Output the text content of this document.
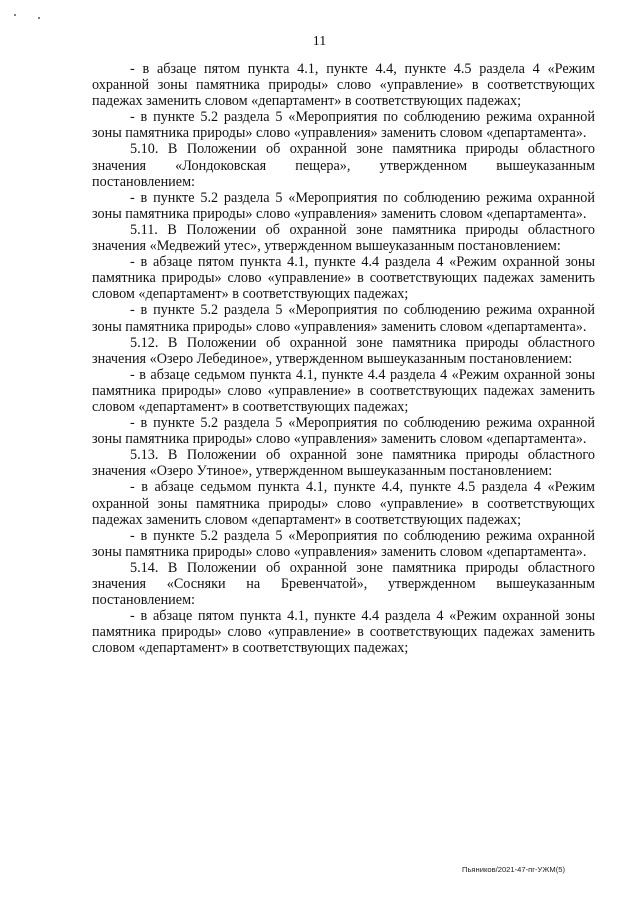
11

- в абзаце пятом пункта 4.1, пункте 4.4, пункте 4.5 раздела 4 «Режим охранной зоны памятника природы» слово «управление» в соответствующих падежах заменить словом «департамент» в соответствующих падежах;

- в пункте 5.2 раздела 5 «Мероприятия по соблюдению режима охранной зоны памятника природы» слово «управления» заменить словом «департамента».

5.10. В Положении об охранной зоне памятника природы областного значения «Лондоковская пещера», утвержденном вышеуказанным постановлением:

- в пункте 5.2 раздела 5 «Мероприятия по соблюдению режима охранной зоны памятника природы» слово «управления» заменить словом «департамента».

5.11. В Положении об охранной зоне памятника природы областного значения «Медвежий утес», утвержденном вышеуказанным постановлением:

- в абзаце пятом пункта 4.1, пункте 4.4 раздела 4 «Режим охранной зоны памятника природы» слово «управление» в соответствующих падежах заменить словом «департамент» в соответствующих падежах;

- в пункте 5.2 раздела 5 «Мероприятия по соблюдению режима охранной зоны памятника природы» слово «управления» заменить словом «департамента».

5.12. В Положении об охранной зоне памятника природы областного значения «Озеро Лебединое», утвержденном вышеуказанным постановлением:

- в абзаце седьмом пункта 4.1, пункте 4.4 раздела 4 «Режим охранной зоны памятника природы» слово «управление» в соответствующих падежах заменить словом «департамент» в соответствующих падежах;

- в пункте 5.2 раздела 5 «Мероприятия по соблюдению режима охранной зоны памятника природы» слово «управления» заменить словом «департамента».

5.13. В Положении об охранной зоне памятника природы областного значения «Озеро Утиное», утвержденном вышеуказанным постановлением:

- в абзаце седьмом пункта 4.1, пункте 4.4, пункте 4.5 раздела 4 «Режим охранной зоны памятника природы» слово «управление» в соответствующих падежах заменить словом «департамент» в соответствующих падежах;

- в пункте 5.2 раздела 5 «Мероприятия по соблюдению режима охранной зоны памятника природы» слово «управления» заменить словом «департамента».

5.14. В Положении об охранной зоне памятника природы областного значения «Сосняки на Бревенчатой», утвержденном вышеуказанным постановлением:

- в абзаце пятом пункта 4.1, пункте 4.4 раздела 4 «Режим охранной зоны памятника природы» слово «управление» в соответствующих падежах заменить словом «департамент» в соответствующих падежах;

Пьяников/2021-47-пг-УЖМ(5)
